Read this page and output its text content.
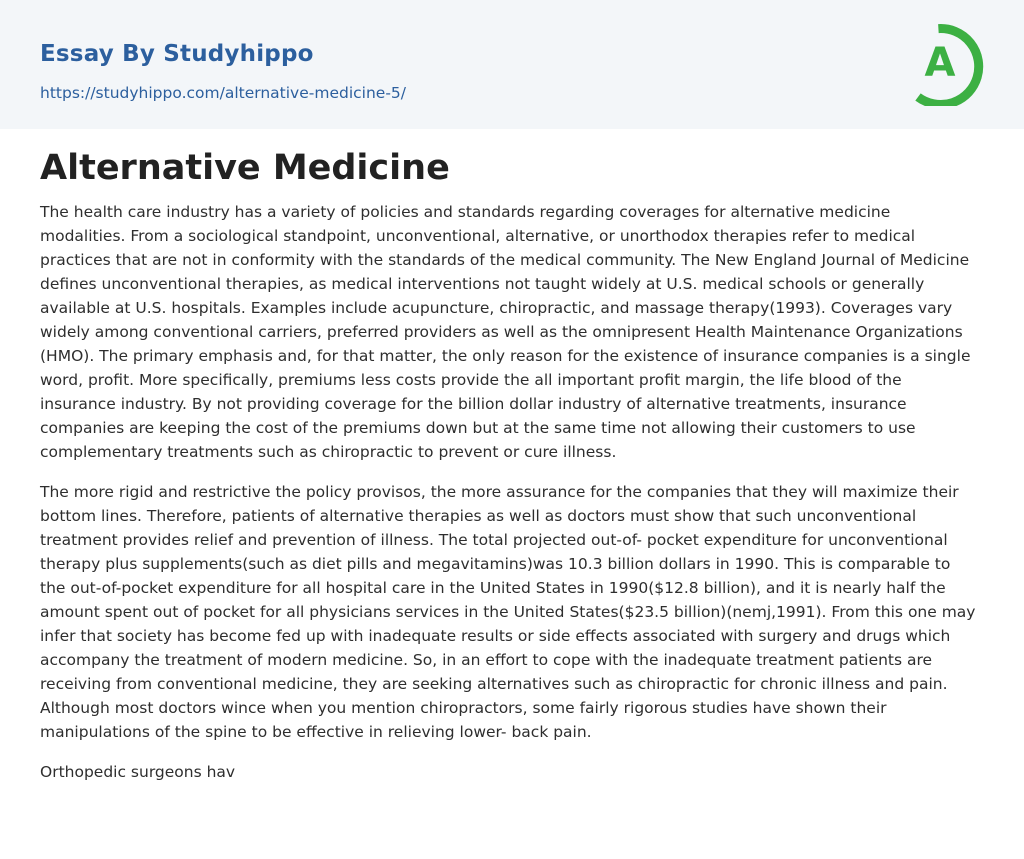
Essay By Studyhippo
https://studyhippo.com/alternative-medicine-5/
A
Alternative Medicine

The health care industry has a variety of policies and standards regarding coverages for alternative medicine modalities. From a sociological standpoint, unconventional, alternative, or unorthodox therapies refer to medical practices that are not in conformity with the standards of the medical community. The New England Journal of Medicine defines unconventional therapies, as medical interventions not taught widely at U.S. medical schools or generally available at U.S. hospitals. Examples include acupuncture, chiropractic, and massage therapy(1993). Coverages vary widely among conventional carriers, preferred providers as well as the omnipresent Health Maintenance Organizations (HMO). The primary emphasis and, for that matter, the only reason for the existence of insurance companies is a single word, profit. More specifically, premiums less costs provide the all important profit margin, the life blood of the insurance industry. By not providing coverage for the billion dollar industry of alternative treatments, insurance companies are keeping the cost of the premiums down but at the same time not allowing their customers to use complementary treatments such as chiropractic to prevent or cure illness.

The more rigid and restrictive the policy provisos, the more assurance for the companies that they will maximize their bottom lines. Therefore, patients of alternative therapies as well as doctors must show that such unconventional treatment provides relief and prevention of illness. The total projected out-of- pocket expenditure for unconventional therapy plus supplements(such as diet pills and megavitamins)was 10.3 billion dollars in 1990. This is comparable to the out-of-pocket expenditure for all hospital care in the United States in 1990($12.8 billion), and it is nearly half the amount spent out of pocket for all physicians services in the United States($23.5 billion)(nemj,1991). From this one may infer that society has become fed up with inadequate results or side effects associated with surgery and drugs which accompany the treatment of modern medicine. So, in an effort to cope with the inadequate treatment patients are receiving from conventional medicine, they are seeking alternatives such as chiropractic for chronic illness and pain. Although most doctors wince when you mention chiropractors, some fairly rigorous studies have shown their manipulations of the spine to be effective in relieving lower- back pain.

Orthopedic surgeons hav
